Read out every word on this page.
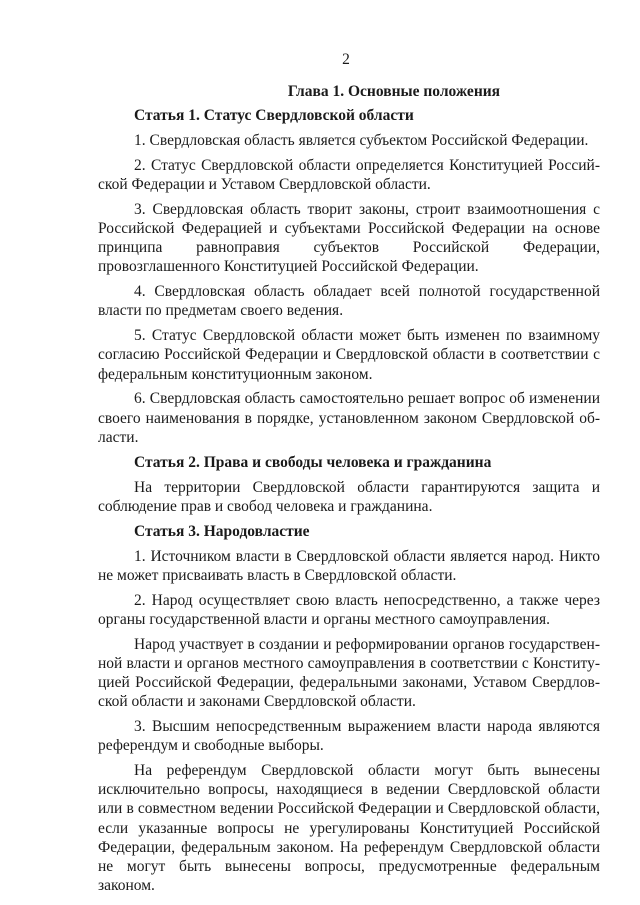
2
Глава 1. Основные положения
Статья 1. Статус Свердловской области

1. Свердловская область является субъектом Российской Федерации.

2. Статус Свердловской области определяется Конституцией Российской Федерации и Уставом Свердловской области.

3. Свердловская область творит законы, строит взаимоотношения с Российской Федерацией и субъектами Российской Федерации на основе принципа равноправия субъектов Российской Федерации, провозглашенного Конституцией Российской Федерации.

4. Свердловская область обладает всей полнотой государственной власти по предметам своего ведения.

5. Статус Свердловской области может быть изменен по взаимному согласию Российской Федерации и Свердловской области в соответствии с федеральным конституционным законом.

6. Свердловская область самостоятельно решает вопрос об изменении своего наименования в порядке, установленном законом Свердловской области.

Статья 2. Права и свободы человека и гражданина

На территории Свердловской области гарантируются защита и соблюдение прав и свобод человека и гражданина.

Статья 3. Народовластие

1. Источником власти в Свердловской области является народ. Никто не может присваивать власть в Свердловской области.

2. Народ осуществляет свою власть непосредственно, а также через органы государственной власти и органы местного самоуправления.

Народ участвует в создании и реформировании органов государственной власти и органов местного самоуправления в соответствии с Конституцией Российской Федерации, федеральными законами, Уставом Свердловской области и законами Свердловской области.

3. Высшим непосредственным выражением власти народа являются референдум и свободные выборы.

На референдум Свердловской области могут быть вынесены исключительно вопросы, находящиеся в ведении Свердловской области или в совместном ведении Российской Федерации и Свердловской области, если указанные вопросы не урегулированы Конституцией Российской Федерации, федеральным законом. На референдум Свердловской области не могут быть вынесены вопросы, предусмотренные федеральным законом.
